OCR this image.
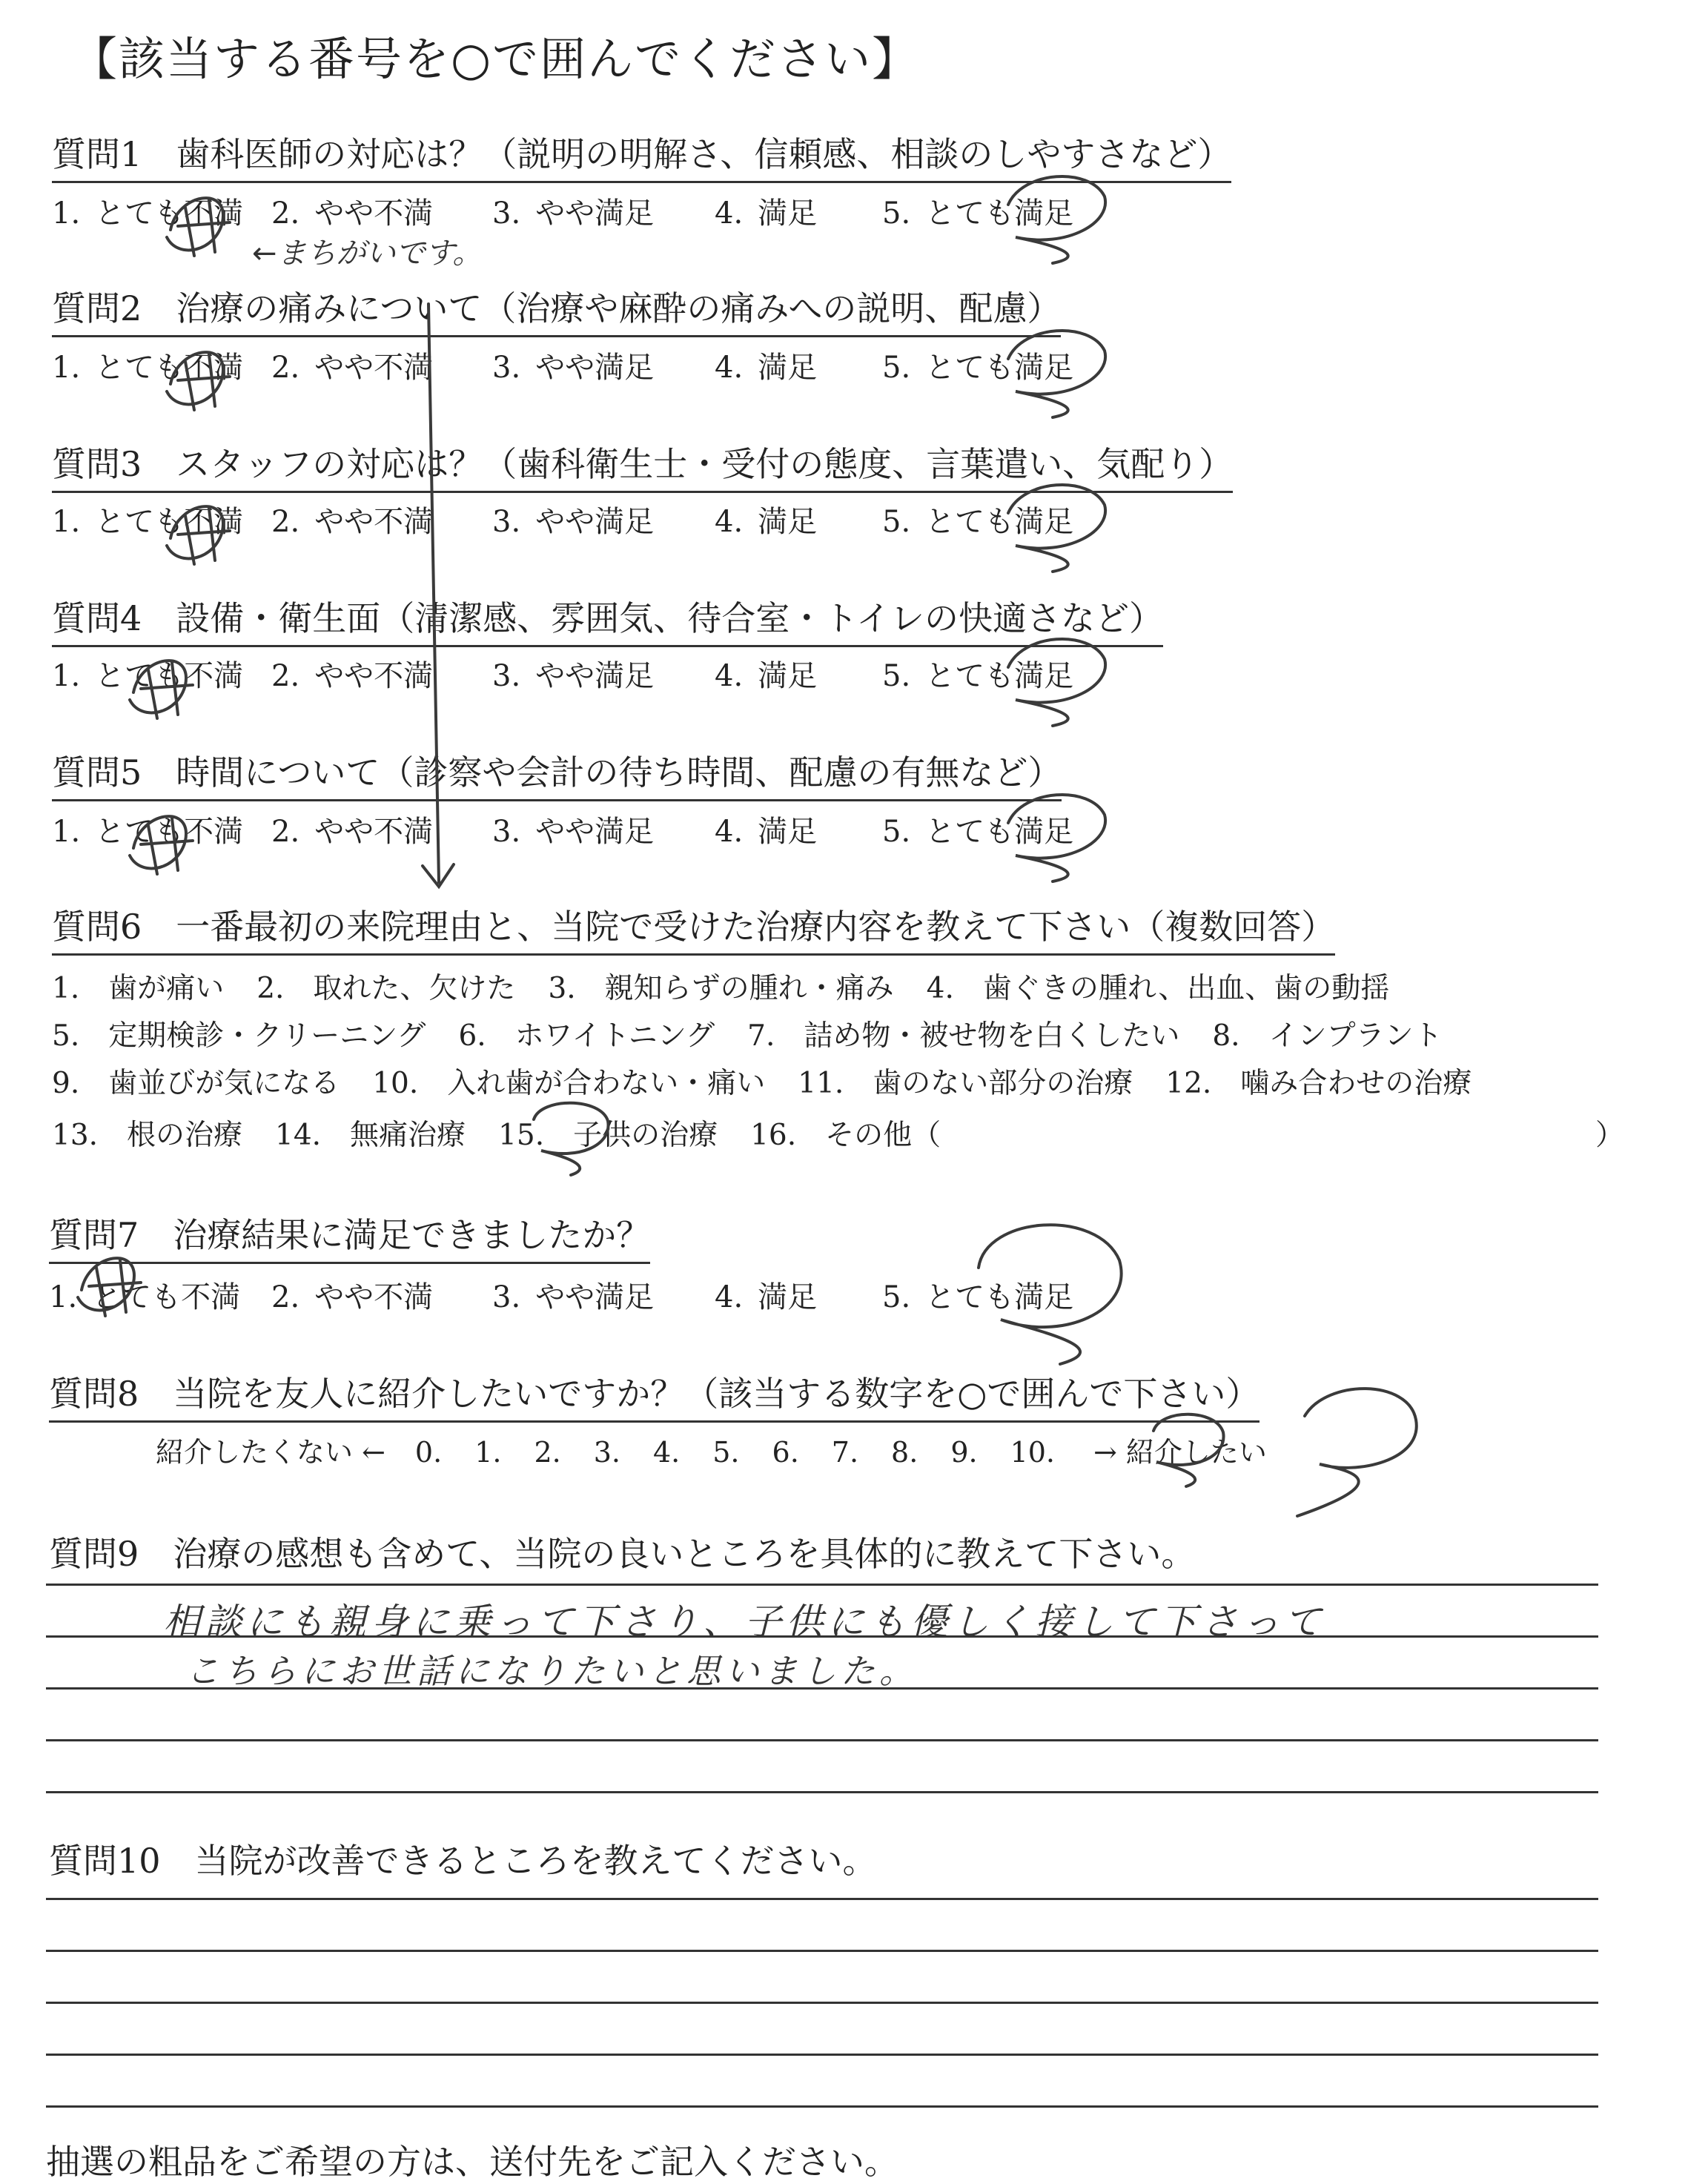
【該当する番号を○で囲んでください】
質問1　歯科医師の対応は？（説明の明解さ、信頼感、相談のしやすさなど）
1. とても不満 2. やや不満 3. やや満足 4. 満足 5. とても満足
←まちがいです。
質問2　治療の痛みについて（治療や麻酔の痛みへの説明、配慮）
1. とても不満 2. やや不満 3. やや満足 4. 満足 5. とても満足
質問3　スタッフの対応は？（歯科衛生士・受付の態度、言葉遣い、気配り）
1. とても不満 2. やや不満 3. やや満足 4. 満足 5. とても満足
質問4　設備・衛生面（清潔感、雰囲気、待合室・トイレの快適さなど）
1. とても不満 2. やや不満 3. やや満足 4. 満足 5. とても満足
質問5　時間について（診察や会計の待ち時間、配慮の有無など）
1. とても不満 2. やや不満 3. やや満足 4. 満足 5. とても満足
質問6　一番最初の来院理由と、当院で受けた治療内容を教えて下さい（複数回答）
1.　歯が痛い 2.　取れた、欠けた 3.　親知らずの腫れ・痛み 4.　歯ぐきの腫れ、出血、歯の動揺
5.　定期検診・クリーニング 6.　ホワイトニング 7.　詰め物・被せ物を白くしたい 8.　インプラント
9.　歯並びが気になる 10.　入れ歯が合わない・痛い 11.　歯のない部分の治療 12.　噛み合わせの治療
13.　根の治療 14.　無痛治療 15.　子供の治療 16.　その他（	）
質問7　治療結果に満足できましたか？
1. とても不満 2. やや不満 3. やや満足 4. 満足 5. とても満足
質問8　当院を友人に紹介したいですか？（該当する数字を○で囲んで下さい）
紹介したくない ← 0. 1. 2. 3. 4. 5. 6. 7. 8. 9. 10. → 紹介したい
質問9　治療の感想も含めて、当院の良いところを具体的に教えて下さい。
相談にも親身に乗って下さり、子供にも優しく接して下さって
こちらにお世話になりたいと思いました。
質問10　当院が改善できるところを教えてください。
抽選の粗品をご希望の方は、送付先をご記入ください。
